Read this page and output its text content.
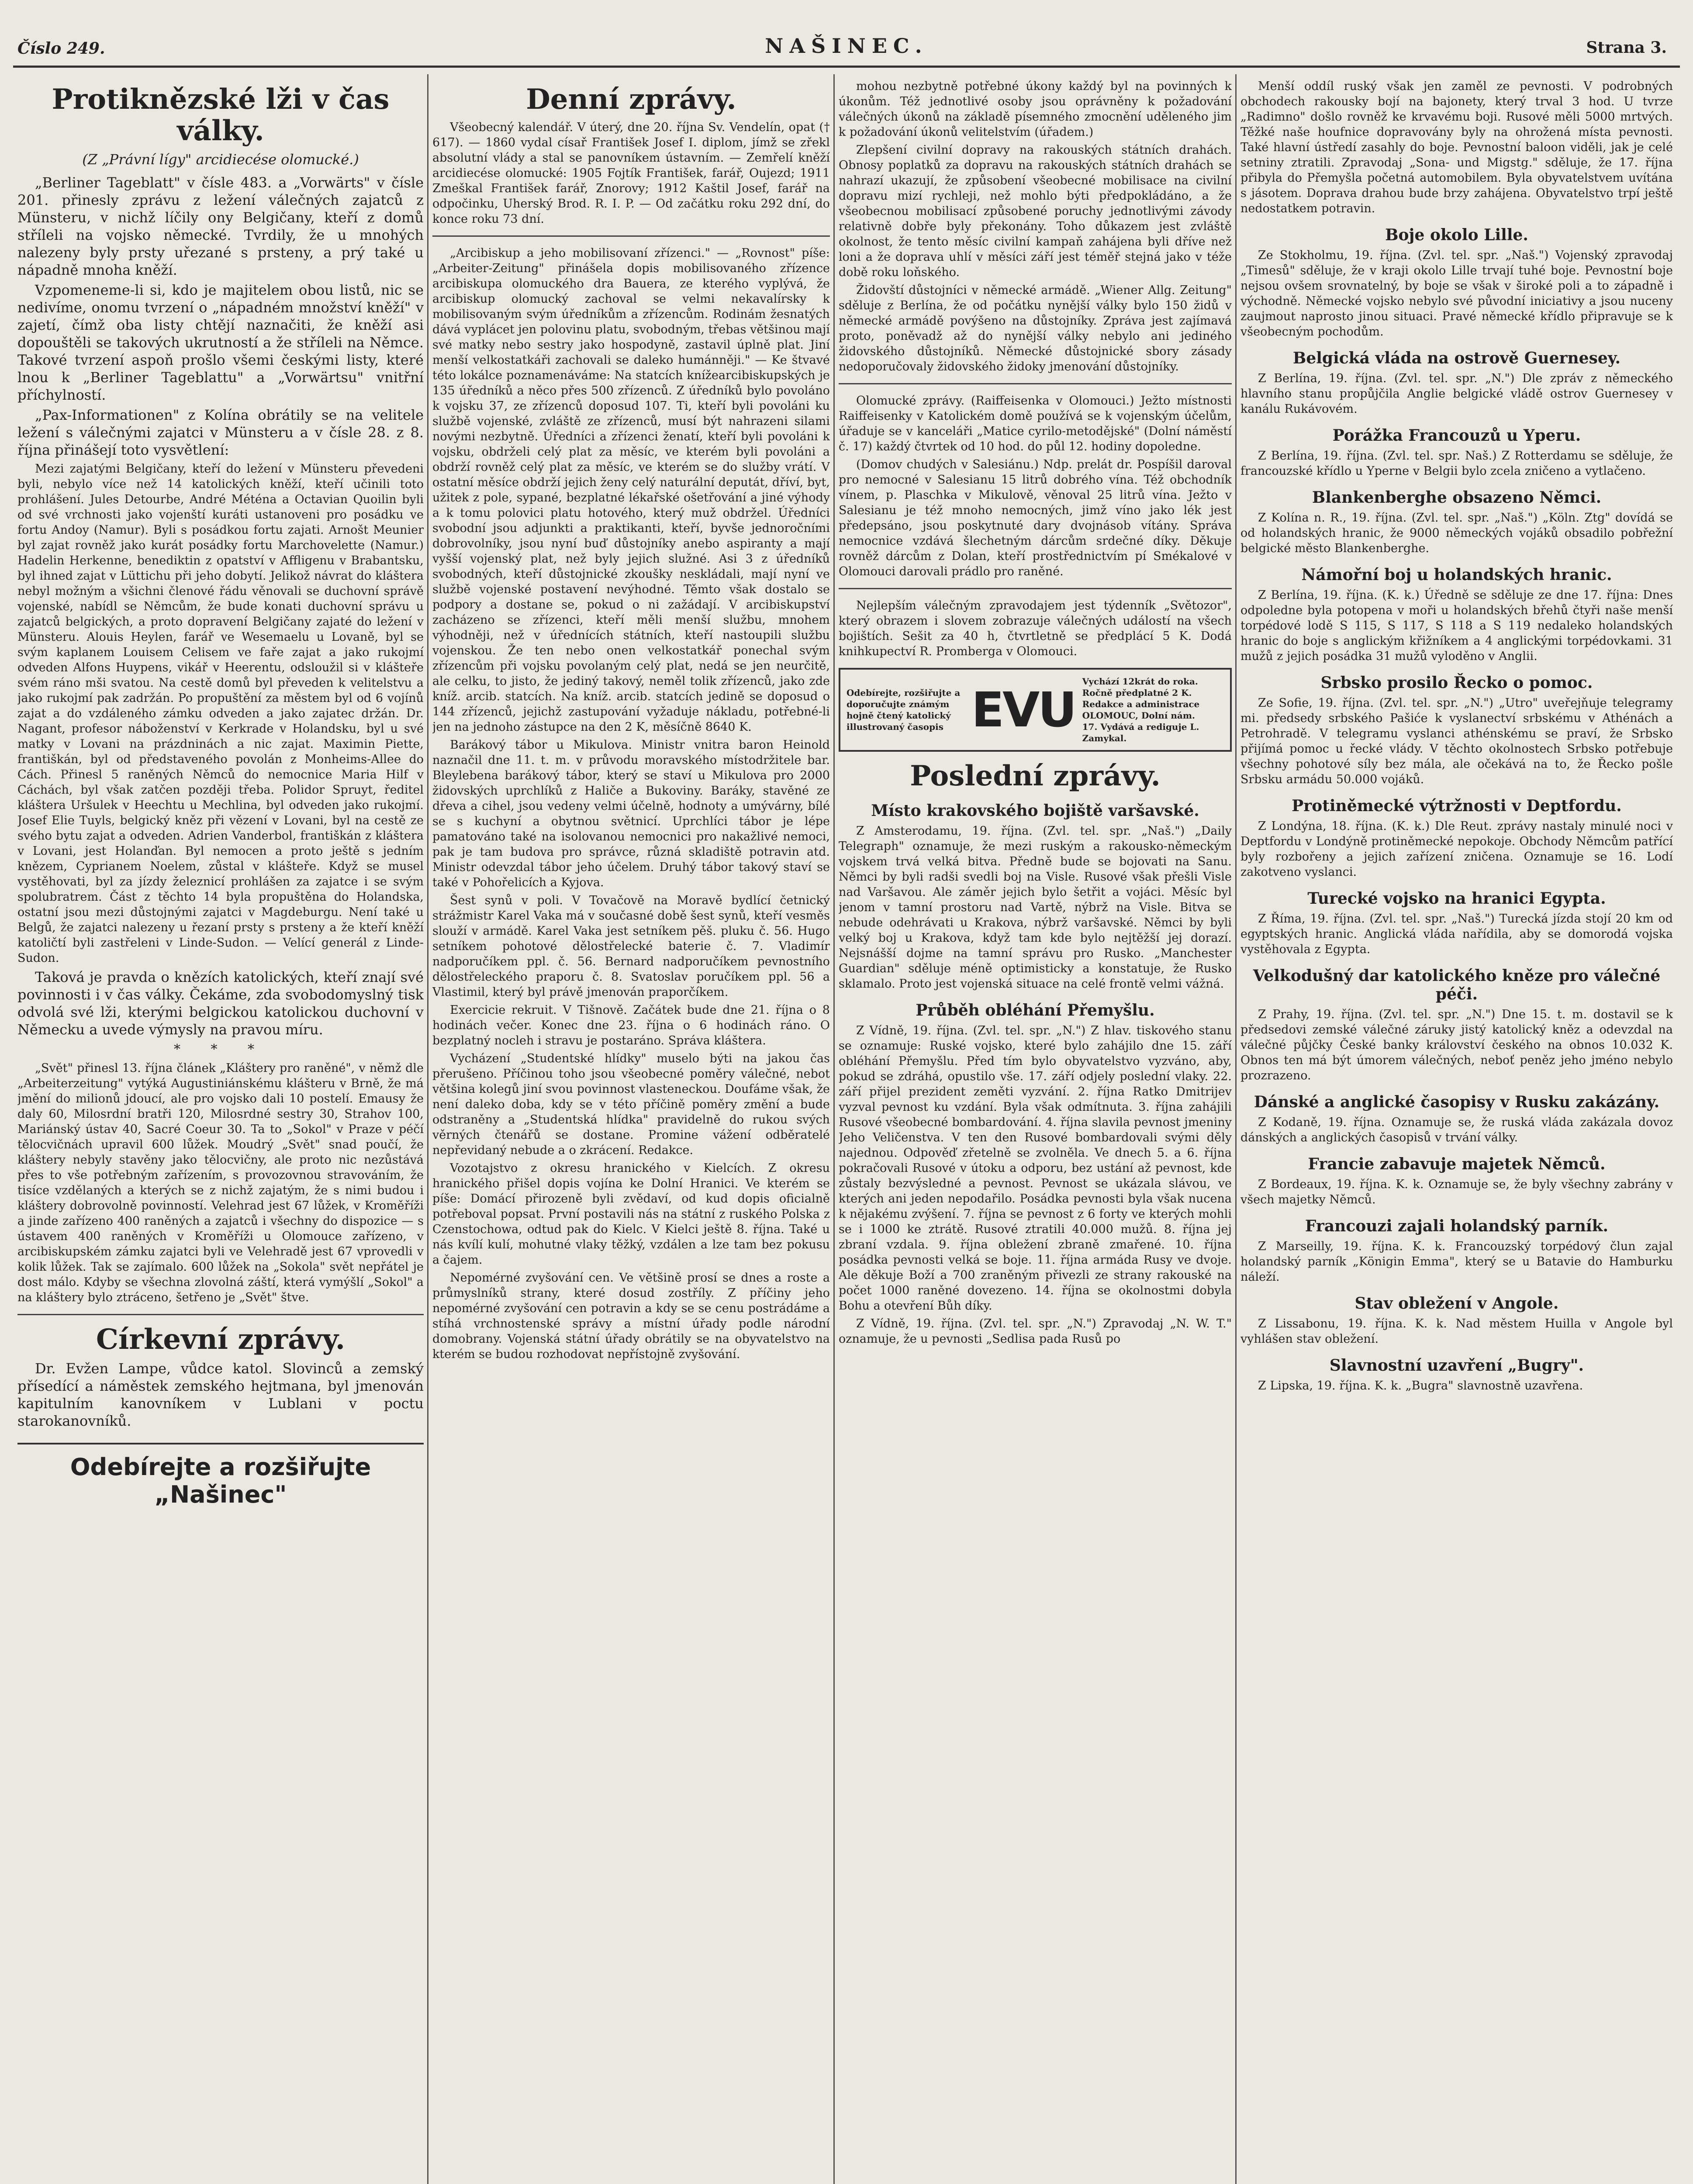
Číslo 249.	NAŠINEC.	Strana 3.
Protiknězské lži v čas války.
(Z „Právní lígy" arcidiecése olomucké.)

„Berliner Tageblatt" v čísle 483. a „Vorwärts" v čísle 201. přinesly zprávu z ležení válečných zajatců z Münsteru, v nichž líčily ony Belgičany, kteří z domů stříleli na vojsko německé. Tvrdily, že u mnohých nalezeny byly prsty uřezané s prsteny, a prý také u nápadně mnoha kněží.

Vzpomeneme-li si, kdo je majitelem obou listů, nic se nedivíme, onomu tvrzení o „nápadném množství kněží" v zajetí, čímž oba listy chtějí naznačiti, že kněží asi dopouštěli se takových ukrutností a že stříleli na Němce. Takové tvrzení aspoň prošlo všemi českými listy, které lnou k „Berliner Tageblattu" a „Vorwärtsu" vnitřní příchylností.

„Pax-Informationen" z Kolína obrátily se na velitele ležení s válečnými zajatci v Münsteru a v čísle 28. z 8. října přinášejí toto vysvětlení:

Mezi zajatými Belgičany, kteří do ležení v Münsteru převedeni byli, nebylo více než 14 katolických kněží, kteří učinili toto prohlášení. Jules Detourbe, André Météna a Octavian Quoilin byli od své vrchnosti jako vojenští kuráti ustanoveni pro posádku ve fortu Andoy (Namur). Byli s posádkou fortu zajati. Arnošt Meunier byl zajat rovněž jako kurát posádky fortu Marchovelette (Namur.) Hadelin Herkenne, benediktin z opatství v Affligenu v Brabantsku, byl ihned zajat v Lüttichu při jeho dobytí. Jelikož návrat do kláštera nebyl možným a všichni členové řádu věnovali se duchovní správě vojenské, nabídl se Němcům, že bude konati duchovní správu u zajatců belgických, a proto dopravení Belgičany zajaté do ležení v Münsteru. Alouis Heylen, farář ve Wesemaelu u Lovaně, byl se svým kaplanem Louisem Celisem ve faře zajat a jako rukojmí odveden Alfons Huypens, vikář v Heerentu, odsloužil si v klášteře svém ráno mši svatou. Na cestě domů byl převeden k velitelstvu a jako rukojmí pak zadržán. Po propuštění za městem byl od 6 vojínů zajat a do vzdáleného zámku odveden a jako zajatec držán. Dr. Nagant, profesor náboženství v Kerkrade v Holandsku, byl u své matky v Lovani na prázdninách a nic zajat. Maximin Piette, františkán, byl od představeného povolán z Monheims-Allee do Cách. Přinesl 5 raněných Němců do nemocnice Maria Hilf v Cáchách, byl však zatčen později třeba. Polidor Spruyt, ředitel kláštera Uršulek v Heechtu u Mechlina, byl odveden jako rukojmí. Josef Elie Tuyls, belgický kněz při vězení v Lovani, byl na cestě ze svého bytu zajat a odveden. Adrien Vanderbol, františkán z kláštera v Lovani, jest Holanďan. Byl nemocen a proto ještě s jedním knězem, Cyprianem Noelem, zůstal v klášteře. Když se musel vystěhovati, byl za jízdy železnicí prohlášen za zajatce i se svým spolubratrem. Část z těchto 14 byla propuštěna do Holandska, ostatní jsou mezi důstojnými zajatci v Magdeburgu. Není také u Belgů, že zajatci nalezeny u řezaní prsty s prsteny a že kteří kněží katoličtí byli zastřeleni v Linde-Sudon. — Velící generál z Linde-Sudon.

Taková je pravda o knězích katolických, kteří znají své povinnosti i v čas války. Čekáme, zda svobodomyslný tisk odvolá své lži, kterými belgickou katolickou duchovní v Německu a uvede výmysly na pravou míru.

* * *

„Svět" přinesl 13. října článek „Kláštery pro raněné", v němž dle „Arbeiterzeitung" vytýká Augustiniánskému klášteru v Brně, že má jmění do milionů jdoucí, ale pro vojsko dali 10 postelí. Emausy že daly 60, Milosrdní bratři 120, Milosrdné sestry 30, Strahov 100, Mariánský ústav 40, Sacré Coeur 30. Ta to „Sokol" v Praze v péčí tělocvičnách upravil 600 lůžek. Moudrý „Svět" snad poučí, že kláštery nebyly stavěny jako tělocvičny, ale proto nic nezůstává přes to vše potřebným zařízením, s provozovnou stravováním, že tisíce vzdělaných a kterých se z nichž zajatým, že s nimi budou i kláštery dobrovolně povinností. Velehrad jest 67 lůžek, v Kroměříži a jinde zařízeno 400 raněných a zajatců i všechny do dispozice — s ústavem 400 raněných v Kroměříži u Olomouce zařízeno, v arcibiskupském zámku zajatci byli ve Velehradě jest 67 vprovedli v kolik lůžek. Tak se zajímalo. 600 lůžek na „Sokola" svět nepřátel je dost málo. Kdyby se všechna zlovolná záští, která vymýšlí „Sokol" a na kláštery bylo ztráceno, šetřeno je „Svět" štve.

Církevní zprávy.

Dr. Evžen Lampe, vůdce katol. Slovinců a zemský přísedící a náměstek zemského hejtmana, byl jmenován kapitulním kanovníkem v Lublani v poctu starokanovníků.

Odebírejte a rozšiřujte „Našinec"
Denní zprávy.

Všeobecný kalendář. V úterý, dne 20. října Sv. Vendelín, opat († 617). — 1860 vydal císař František Josef I. diplom, jímž se zřekl absolutní vlády a stal se panovníkem ústavním. — Zemřelí kněží arcidiecése olomucké: 1905 Fojtík František, farář, Oujezd; 1911 Zmeškal František farář, Znorovy; 1912 Kaštil Josef, farář na odpočinku, Uherský Brod. R. I. P. — Od začátku roku 292 dní, do konce roku 73 dní.

„Arcibiskup a jeho mobilisovaní zřízenci." — „Rovnost" píše: „Arbeiter-Zeitung" přinášela dopis mobilisovaného zřízence arcibiskupa olomuckého dra Bauera, ze kterého vyplývá, že arcibiskup olomucký zachoval se velmi nekavalírsky k mobilisovaným svým úředníkům a zřízencům. Rodinám žesnatých dává vyplácet jen polovinu platu, svobodným, třebas většinou mají své matky nebo sestry jako hospodyně, zastavil úplně plat. Jiní menší velkostatkáři zachovali se daleko humánněji." — Ke štvavé této lokálce poznamenáváme: Na statcích knížearcibiskupských je 135 úředníků a něco přes 500 zřízenců. Z úředníků bylo povoláno k vojsku 37, ze zřízenců doposud 107. Ti, kteří byli povoláni ku službě vojenské, zvláště ze zřízenců, musí být nahrazeni silami novými nezbytně. Úředníci a zřízenci ženatí, kteří byli povoláni k vojsku, obdrželi celý plat za měsíc, ve kterém byli povoláni a obdrží rovněž celý plat za měsíc, ve kterém se do služby vrátí. V ostatní měsíce obdrží jejich ženy celý naturální deputát, dříví, byt, užitek z pole, sypané, bezplatné lékařské ošetřování a jiné výhody a k tomu polovici platu hotového, který muž obdržel. Úředníci svobodní jsou adjunkti a praktikanti, kteří, byvše jednoročními dobrovolníky, jsou nyní buď důstojníky anebo aspiranty a mají vyšší vojenský plat, než byly jejich služné. Asi 3 z úředníků svobodných, kteří důstojnické zkoušky neskládali, mají nyní ve službě vojenské postavení nevýhodné. Těmto však dostalo se podpory a dostane se, pokud o ni zažádají. V arcibiskupství zacházeno se zřízenci, kteří měli menší službu, mnohem výhodněji, než v úřednících státních, kteří nastoupili službu vojenskou. Že ten nebo onen velkostatkář ponechal svým zřízencům při vojsku povolaným celý plat, nedá se jen neurčitě, ale celku, to jisto, že jediný takový, neměl tolik zřízenců, jako zde kníž. arcib. statcích. Na kníž. arcib. statcích jedině se doposud o 144 zřízenců, jejichž zastupování vyžaduje nákladu, potřebné-li jen na jednoho zástupce na den 2 K, měsíčně 8640 K.

Barákový tábor u Mikulova. Ministr vnitra baron Heinold naznačil dne 11. t. m. v průvodu moravského místodržitele bar. Bleylebena barákový tábor, který se staví u Mikulova pro 2000 židovských uprchlíků z Haliče a Bukoviny. Baráky, stavěné ze dřeva a cihel, jsou vedeny velmi účelně, hodnoty a umývárny, bílé se s kuchyní a obytnou světnicí. Uprchlíci tábor je lépe pamatováno také na isolovanou nemocnici pro nakažlivé nemoci, pak je tam budova pro správce, různá skladiště potravin atd. Ministr odevzdal tábor jeho účelem. Druhý tábor takový staví se také v Pohořelicích a Kyjova.

Šest synů v poli. V Tovačově na Moravě bydlící četnický strážmistr Karel Vaka má v současné době šest synů, kteří vesměs slouží v armádě. Karel Vaka jest setníkem pěš. pluku č. 56. Hugo setníkem pohotové dělostřelecké baterie č. 7. Vladimír nadporučíkem ppl. č. 56. Bernard nadporučíkem pevnostního dělostřeleckého praporu č. 8. Svatoslav poručíkem ppl. 56 a Vlastimil, který byl právě jmenován praporčíkem.

Exercicie rekruit. V Tišnově. Začátek bude dne 21. října o 8 hodinách večer. Konec dne 23. října o 6 hodinách ráno. O bezplatný nocleh i stravu je postaráno. Správa kláštera.

Vycházení „Studentské hlídky" muselo býti na jakou čas přerušeno. Příčinou toho jsou všeobecné poměry válečné, nebot většina kolegů jiní svou povinnost vlasteneckou. Doufáme však, že není daleko doba, kdy se v této příčině poměry změní a bude odstraněny a „Studentská hlídka" pravidelně do rukou svých věrných čtenářů se dostane. Promine vážení odběratelé nepřevidaný nebude a o zkrácení. Redakce.

Vozotajstvo z okresu hranického v Kielcích. Z okresu hranického přišel dopis vojína ke Dolní Hranici. Ve kterém se píše: Domácí přirozeně byli zvědaví, od kud dopis oficialně potřeboval popsat. První postavili nás na státní z ruského Polska z Czenstochowa, odtud pak do Kielc. V Kielci ještě 8. října. Také u nás kvílí kulí, mohutné vlaky těžký, vzdálen a lze tam bez pokusu a čajem.

Nepomérné zvyšování cen. Ve většině prosí se dnes a roste a průmyslníků strany, které dosud zostříly. Z příčiny jeho nepomérné zvyšování cen potravin a kdy se se cenu postrádáme a stíhá vrchnostenské správy a místní úřady podle národní domobrany. Vojenská státní úřady obrátily se na obyvatelstvo na kterém se budou rozhodovat nepřístojně zvyšování.

mohou nezbytně potřebné úkony každý byl na povinných k úkonům. Též jednotlivé osoby jsou oprávněny k požadování válečných úkonů na základě písemného zmocnění uděleného jim k požadování úkonů velitelstvím (úřadem.)

Zlepšení civilní dopravy na rakouských státních drahách. Obnosy poplatků za dopravu na rakouských státních drahách se nahrazí ukazují, že způsobení všeobecné mobilisace na civilní dopravu mizí rychleji, než mohlo býti předpokládáno, a že všeobecnou mobilisací způsobené poruchy jednotlivými závody relativně dobře byly překonány. Toho důkazem jest zvláště okolnost, že tento měsíc civilní kampaň zahájena byli dříve než loni a že doprava uhlí v měsíci září jest téměř stejná jako v téže době roku loňského.

Židovští důstojníci v německé armádě. „Wiener Allg. Zeitung" sděluje z Berlína, že od počátku nynější války bylo 150 židů v německé armádě povýšeno na důstojníky. Zpráva jest zajímavá proto, poněvadž až do nynější války nebylo ani jediného židovského důstojníků. Německé důstojnické sbory zásady nedoporučovaly židovského židoky jmenování důstojníky.

Olomucké zprávy. (Raiffeisenka v Olomouci.) Ježto místnosti Raiffeisenky v Katolickém domě používá se k vojenským účelům, úřaduje se v kanceláři „Matice cyrilo-metodějské" (Dolní náměstí č. 17) každý čtvrtek od 10 hod. do půl 12. hodiny dopoledne.

(Domov chudých v Salesiánu.) Ndp. prelát dr. Pospíšil daroval pro nemocné v Salesianu 15 litrů dobrého vína. Též obchodník vínem, p. Plaschka v Mikulově, věnoval 25 litrů vína. Ježto v Salesianu je též mnoho nemocných, jimž víno jako lék jest předepsáno, jsou poskytnuté dary dvojnásob vítány. Správa nemocnice vzdává šlechetným dárcům srdečné díky. Děkuje rovněž dárcům z Dolan, kteří prostřednictvím pí Smékalové v Olomouci darovali prádlo pro raněné.

Nejlepším válečným zpravodajem jest týdenník „Světozor", který obrazem i slovem zobrazuje válečných událostí na všech bojištích. Sešit za 40 h, čtvrtletně se předplácí 5 K. Dodá knihkupectví R. Promberga v Olomouci.

Odebírejte, rozšiřujte a doporučujte známým hojně čtený katolický illustrovaný časopis EVU
Vychází 12krát do roka. Ročně předplatné 2 K. Redakce a administrace OLOMOUC, Dolní nám. 17. Vydává a rediguje L. Zamykal.
Poslední zprávy.
Místo krakovského bojiště varšavské.

Z Amsterodamu, 19. října. (Zvl. tel. spr. „Naš.") „Daily Telegraph" oznamuje, že mezi ruským a rakousko-německým vojskem trvá velká bitva. Předně bude se bojovati na Sanu. Němci by byli radši svedli boj na Visle. Rusové však přešli Visle nad Varšavou. Ale záměr jejich bylo šetřit a vojáci. Měsíc byl jenom v tamní prostoru nad Vartě, nýbrž na Visle. Bitva se nebude odehrávati u Krakova, nýbrž varšavské. Němci by byli velký boj u Krakova, když tam kde bylo nejtěžší jej dorazí. Nejsnášší dojme na tamní správu pro Rusko. „Manchester Guardian" sděluje méně optimisticky a konstatuje, že Rusko sklamalo. Proto jest vojenská situace na celé frontě velmi vážná.

Průběh obléhání Přemyšlu.

Z Vídně, 19. října. (Zvl. tel. spr. „N.") Z hlav. tiskového stanu se oznamuje: Ruské vojsko, které bylo zahájilo dne 15. září obléhání Přemyšlu. Před tím bylo obyvatelstvo vyzváno, aby, pokud se zdráhá, opustilo vše. 17. září odjely poslední vlaky. 22. září přijel prezident zeměti vyzvání. 2. října Ratko Dmitrijev vyzval pevnost ku vzdání. Byla však odmítnuta. 3. října zahájili Rusové všeobecné bombardování. 4. října slavila pevnost jmeniny Jeho Veličenstva. V ten den Rusové bombardovali svými děly najednou. Odpověď zřetelně se zvolněla. Ve dnech 5. a 6. října pokračovali Rusové v útoku a odporu, bez ustání až pevnost, kde zůstaly bezvýsledné a pevnost. Pevnost se ukázala slávou, ve kterých ani jeden nepodařilo. Posádka pevnosti byla však nucena k nějakému zvýšení. 7. října se pevnost z 6 forty ve kterých mohli se i 1000 ke ztrátě. Rusové ztratili 40.000 mužů. 8. října jej zbraní vzdala. 9. října obležení zbraně zmařené. 10. října posádka pevnosti velká se boje. 11. října armáda Rusy ve dvoje. Ale děkuje Boží a 700 zraněným přivezli ze strany rakouské na počet 1000 raněné dovezeno. 14. října se okolnostmi dobyla Bohu a otevření Bůh díky.

Z Vídně, 19. října. (Zvl. tel. spr. „N.") Zpravodaj „N. W. T." oznamuje, že u pevnosti „Sedlisa pada Rusů po

Menší oddíl ruský však jen zaměl ze pevnosti. V podrobných obchodech rakousky bojí na bajonety, který trval 3 hod. U tvrze „Radimno" došlo rovněž ke krvavému boji. Rusové měli 5000 mrtvých. Těžké naše houfnice dopravovány byly na ohrožená místa pevnosti. Také hlavní ústředí zasahly do boje. Pevnostní baloon viděli, jak je celé setniny ztratili. Zpravodaj „Sona- und Migstg." sděluje, že 17. října přibyla do Přemyšla početná automobilem. Byla obyvatelstvem uvítána s jásotem. Doprava drahou bude brzy zahájena. Obyvatelstvo trpí ještě nedostatkem potravin.

Boje okolo Lille.

Ze Stokholmu, 19. října. (Zvl. tel. spr. „Naš.") Vojenský zpravodaj „Timesů" sděluje, že v kraji okolo Lille trvají tuhé boje. Pevnostní boje nejsou ovšem srovnatelný, by boje se však v široké poli a to západně i východně. Německé vojsko nebylo své původní iniciativy a jsou nuceny zaujmout naprosto jinou situaci. Pravé německé křídlo připravuje se k všeobecným pochodům.

Belgická vláda na ostrově Guernesey.

Z Berlína, 19. října. (Zvl. tel. spr. „N.") Dle zpráv z německého hlavního stanu propůjčila Anglie belgické vládě ostrov Guernesey v kanálu Rukávovém.

Porážka Francouzů u Yperu.

Z Berlína, 19. října. (Zvl. tel. spr. Naš.) Z Rotterdamu se sděluje, že francouzské křídlo u Yperne v Belgii bylo zcela zničeno a vytlačeno.

Blankenberghe obsazeno Němci.

Z Kolína n. R., 19. října. (Zvl. tel. spr. „Naš.") „Köln. Ztg" dovídá se od holandských hranic, že 9000 německých vojáků obsadilo pobřežní belgické město Blankenberghe.

Námořní boj u holandských hranic.

Z Berlína, 19. října. (K. k.) Úředně se sděluje ze dne 17. října: Dnes odpoledne byla potopena v moři u holandských břehů čtyři naše menší torpédové lodě S 115, S 117, S 118 a S 119 nedaleko holandských hranic do boje s anglickým křižníkem a 4 anglickými torpédovkami. 31 mužů z jejich posádka 31 mužů vyloděno v Anglii.

Srbsko prosilo Řecko o pomoc.

Ze Sofie, 19. října. (Zvl. tel. spr. „N.") „Utro" uveřejňuje telegramy mi. předsedy srbského Pašiće k vyslanectví srbskému v Athénách a Petrohradě. V telegramu vyslanci athénskému se praví, že Srbsko přijímá pomoc u řecké vlády. V těchto okolnostech Srbsko potřebuje všechny pohotové síly bez mála, ale očekává na to, že Řecko pošle Srbsku armádu 50.000 vojáků.

Protiněmecké výtržnosti v Deptfordu.

Z Londýna, 18. října. (K. k.) Dle Reut. zprávy nastaly minulé noci v Deptfordu v Londýně protiněmecké nepokoje. Obchody Němcům patřící byly rozbořeny a jejich zařízení zničena. Oznamuje se 16. Lodí zakotveno vyslanci.

Turecké vojsko na hranici Egypta.

Z Říma, 19. října. (Zvl. tel. spr. „Naš.") Turecká jízda stojí 20 km od egyptských hranic. Anglická vláda nařídila, aby se domorodá vojska vystěhovala z Egypta.

Velkodušný dar katolického kněze pro válečné péči.

Z Prahy, 19. října. (Zvl. tel. spr. „N.") Dne 15. t. m. dostavil se k předsedovi zemské válečné záruky jistý katolický kněz a odevzdal na válečné půjčky České banky království českého na obnos 10.032 K. Obnos ten má být úmorem válečných, neboť peněz jeho jméno nebylo prozrazeno.

Dánské a anglické časopisy v Rusku zakázány.

Z Kodaně, 19. října. Oznamuje se, že ruská vláda zakázala dovoz dánských a anglických časopisů v trvání války.

Francie zabavuje majetek Němců.

Z Bordeaux, 19. října. K. k. Oznamuje se, že byly všechny zabrány v všech majetky Němců.

Francouzi zajali holandský parník.

Z Marseilly, 19. října. K. k. Francouzský torpédový člun zajal holandský parník „Königin Emma", který se u Batavie do Hamburku náleží.

Stav obležení v Angole.

Z Lissabonu, 19. října. K. k. Nad městem Huilla v Angole byl vyhlášen stav obležení.

Slavnostní uzavření „Bugry".

Z Lipska, 19. října. K. k. „Bugra" slavnostně uzavřena.
